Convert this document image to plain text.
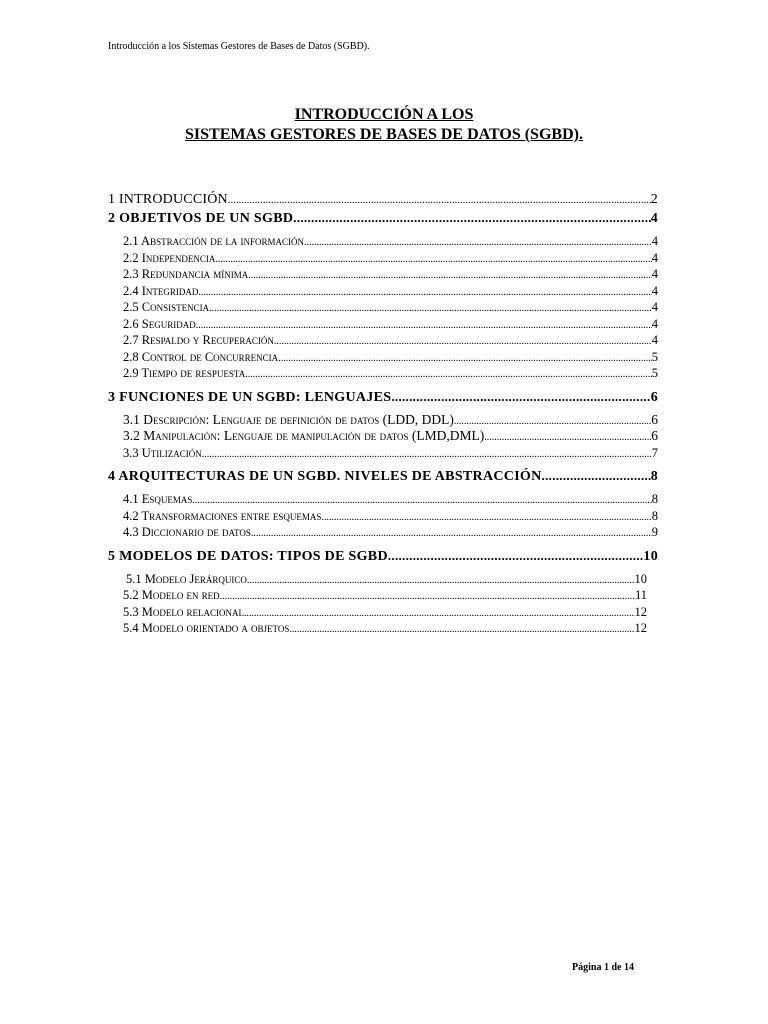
Introducción a los Sistemas Gestores de Bases de Datos (SGBD).
INTRODUCCIÓN A LOS
SISTEMAS GESTORES DE BASES DE DATOS (SGBD).
1 INTRODUCCIÓN .....	2
2 OBJETIVOS DE UN SGBD .....	4
2.1 Abstracción de la información .....	4
2.2 Independencia .....	4
2.3 Redundancia mínima .....	4
2.4 Integridad .....	4
2.5 Consistencia .....	4
2.6 Seguridad .....	4
2.7 Respaldo y Recuperación .....	4
2.8 Control de Concurrencia .....	5
2.9 Tiempo de respuesta .....	5
3 FUNCIONES DE UN SGBD: LENGUAJES .....	6
3.1 Descripción: Lenguaje de definición de datos (LDD, DDL) .....	6
3.2 Manipulación: Lenguaje de manipulación de datos (LMD,DML) .....	6
3.3 Utilización .....	7
4 ARQUITECTURAS DE UN SGBD. NIVELES DE ABSTRACCIÓN .....	8
4.1 Esquemas .....	8
4.2 Transformaciones entre esquemas .....	8
4.3 Diccionario de datos .....	9
5 MODELOS DE DATOS: TIPOS DE SGBD .....	10
5.1 Modelo Jerárquico .....	10
5.2 Modelo en red .....	11
5.3 Modelo relacional .....	12
5.4 Modelo orientado a objetos .....	12
Página 1 de 14
